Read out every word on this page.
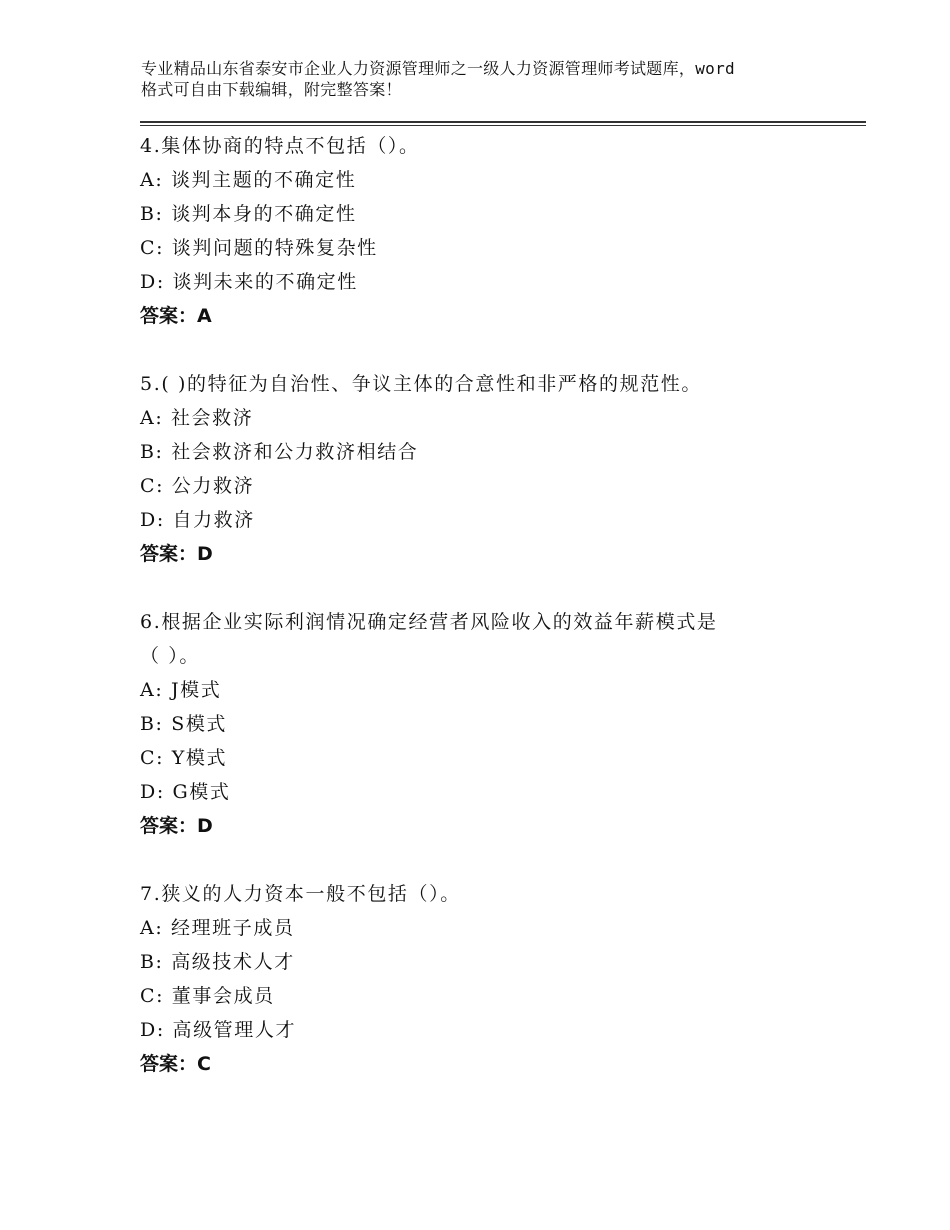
专业精品山东省泰安市企业人力资源管理师之一级人力资源管理师考试题库，word
格式可自由下载编辑，附完整答案！
4.集体协商的特点不包括（）。
A: 谈判主题的不确定性
B: 谈判本身的不确定性
C: 谈判问题的特殊复杂性
D: 谈判未来的不确定性
答案：A
5.( )的特征为自治性、争议主体的合意性和非严格的规范性。
A: 社会救济
B: 社会救济和公力救济相结合
C: 公力救济
D: 自力救济
答案：D
6.根据企业实际利润情况确定经营者风险收入的效益年薪模式是
（ ）。
A: J模式
B: S模式
C: Y模式
D: G模式
答案：D
7.狭义的人力资本一般不包括（）。
A: 经理班子成员
B: 高级技术人才
C: 董事会成员
D: 高级管理人才
答案：C
